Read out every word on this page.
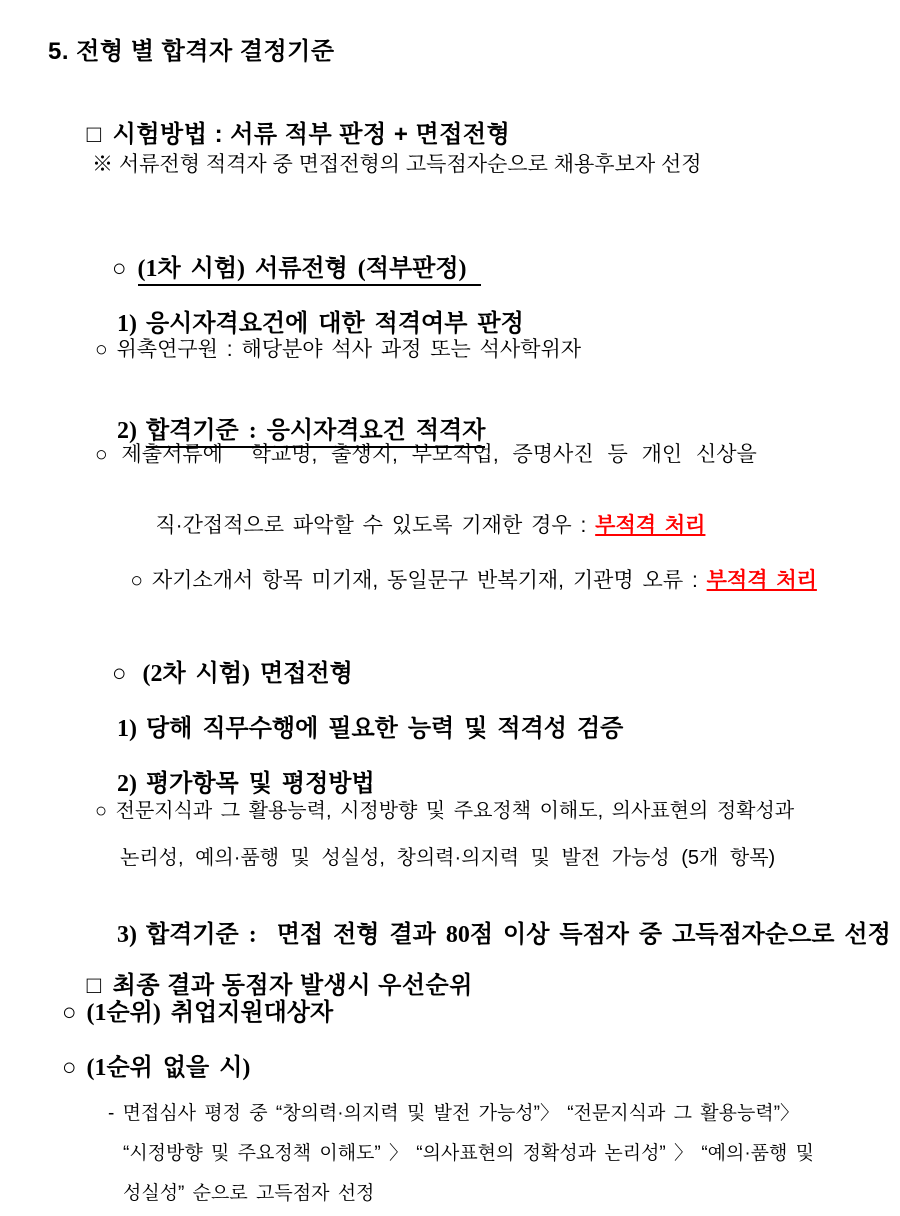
5. 전형 별 합격자 결정기준

□ 시험방법 : 서류 적부 판정 + 면접전형

※ 서류전형 적격자 중 면접전형의 고득점자순으로 채용후보자 선정

○ (1차 시험) 서류전형 (적부판정)

1) 응시자격요건에 대한 적격여부 판정

○ 위촉연구원 : 해당분야 석사 과정 또는 석사학위자

2) 합격기준 : 응시자격요건 적격자

○ 제출서류에  학교명, 출생지, 부모직업, 증명사진 등 개인 신상을

직·간접적으로 파악할 수 있도록 기재한 경우 : 부적격 처리

○ 자기소개서 항목 미기재, 동일문구 반복기재, 기관명 오류 : 부적격 처리

○ (2차 시험) 면접전형

1) 당해 직무수행에 필요한 능력 및 적격성 검증

2) 평가항목 및 평정방법

○ 전문지식과 그 활용능력, 시정방향 및 주요정책 이해도, 의사표현의 정확성과
논리성, 예의·품행 및 성실성, 창의력·의지력 및 발전 가능성 (5개 항목)

3) 합격기준 :  면접 전형 결과 80점 이상 득점자 중 고득점자순으로 선정

□ 최종 결과 동점자 발생시 우선순위

○ (1순위) 취업지원대상자
○ (1순위 없을 시)
- 면접심사 평정 중 “창의력·의지력 및 발전 가능성”〉 “전문지식과 그 활용능력”〉
“시정방향 및 주요정책 이해도” 〉 “의사표현의 정확성과 논리성” 〉 “예의·품행 및
성실성” 순으로 고득점자 선정
